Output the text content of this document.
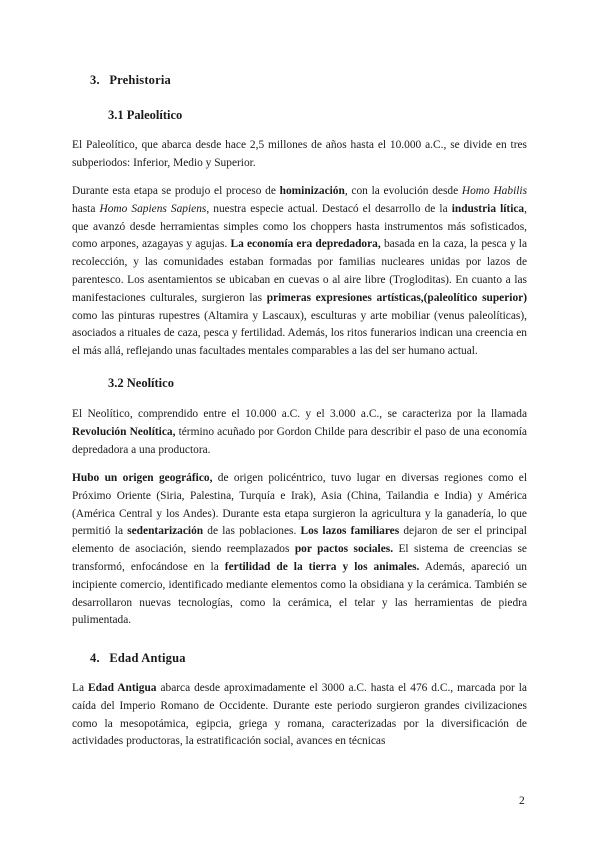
3. Prehistoria
3.1 Paleolítico

El Paleolítico, que abarca desde hace 2,5 millones de años hasta el 10.000 a.C., se divide en tres subperiodos: Inferior, Medio y Superior.

Durante esta etapa se produjo el proceso de hominización, con la evolución desde Homo Habilis hasta Homo Sapiens Sapiens, nuestra especie actual. Destacó el desarrollo de la industria lítica, que avanzó desde herramientas simples como los choppers hasta instrumentos más sofisticados, como arpones, azagayas y agujas. La economía era depredadora, basada en la caza, la pesca y la recolección, y las comunidades estaban formadas por familias nucleares unidas por lazos de parentesco. Los asentamientos se ubicaban en cuevas o al aire libre (Trogloditas). En cuanto a las manifestaciones culturales, surgieron las primeras expresiones artísticas,(paleolítico superior) como las pinturas rupestres (Altamira y Lascaux), esculturas y arte mobiliar (venus paleolíticas), asociados a rituales de caza, pesca y fertilidad. Además, los ritos funerarios indican una creencia en el más allá, reflejando unas facultades mentales comparables a las del ser humano actual.

3.2 Neolítico

El Neolítico, comprendido entre el 10.000 a.C. y el 3.000 a.C., se caracteriza por la llamada Revolución Neolítica, término acuñado por Gordon Childe para describir el paso de una economía depredadora a una productora.

Hubo un origen geográfico, de origen policéntrico, tuvo lugar en diversas regiones como el Próximo Oriente (Siria, Palestina, Turquía e Irak), Asia (China, Tailandia e India) y América (América Central y los Andes). Durante esta etapa surgieron la agricultura y la ganadería, lo que permitió la sedentarización de las poblaciones. Los lazos familiares dejaron de ser el principal elemento de asociación, siendo reemplazados por pactos sociales. El sistema de creencias se transformó, enfocándose en la fertilidad de la tierra y los animales. Además, apareció un incipiente comercio, identificado mediante elementos como la obsidiana y la cerámica. También se desarrollaron nuevas tecnologías, como la cerámica, el telar y las herramientas de piedra pulimentada.

4. Edad Antigua

La Edad Antigua abarca desde aproximadamente el 3000 a.C. hasta el 476 d.C., marcada por la caída del Imperio Romano de Occidente. Durante este periodo surgieron grandes civilizaciones como la mesopotámica, egipcia, griega y romana, caracterizadas por la diversificación de actividades productoras, la estratificación social, avances en técnicas

2
